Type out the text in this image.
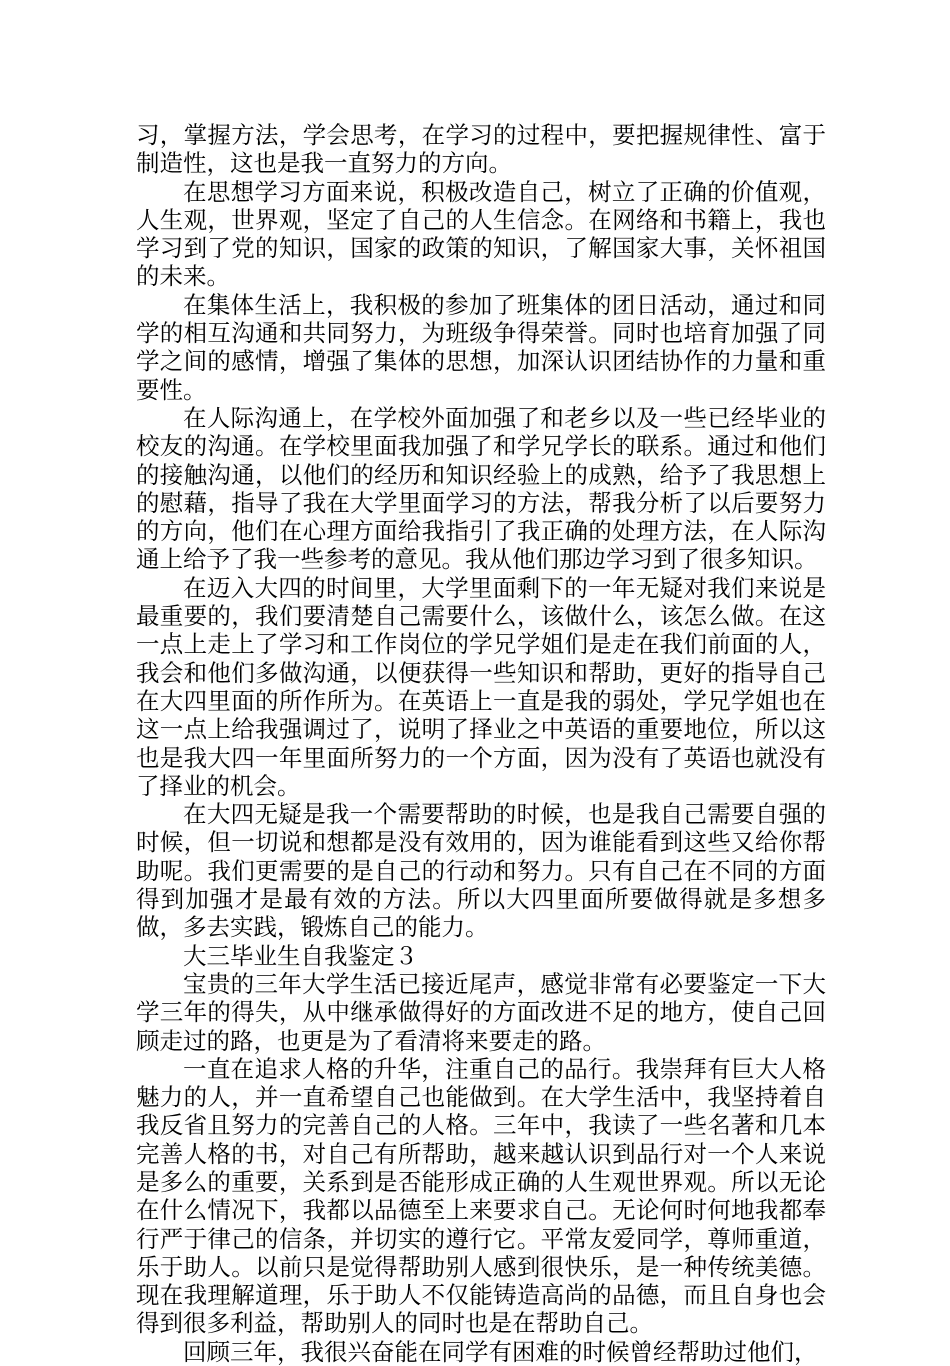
习，掌握方法，学会思考，在学习的过程中，要把握规律性、富于制造性，这也是我一直努力的方向。

在思想学习方面来说，积极改造自己，树立了正确的价值观，人生观，世界观，坚定了自己的人生信念。在网络和书籍上，我也学习到了党的知识，国家的政策的知识，了解国家大事，关怀祖国的未来。

在集体生活上，我积极的参加了班集体的团日活动，通过和同学的相互沟通和共同努力，为班级争得荣誉。同时也培育加强了同学之间的感情，增强了集体的思想，加深认识团结协作的力量和重要性。

在人际沟通上，在学校外面加强了和老乡以及一些已经毕业的校友的沟通。在学校里面我加强了和学兄学长的联系。通过和他们的接触沟通，以他们的经历和知识经验上的成熟，给予了我思想上的慰藉，指导了我在大学里面学习的方法，帮我分析了以后要努力的方向，他们在心理方面给我指引了我正确的处理方法，在人际沟通上给予了我一些参考的意见。我从他们那边学习到了很多知识。

在迈入大四的时间里，大学里面剩下的一年无疑对我们来说是最重要的，我们要清楚自己需要什么，该做什么，该怎么做。在这一点上走上了学习和工作岗位的学兄学姐们是走在我们前面的人，我会和他们多做沟通，以便获得一些知识和帮助，更好的指导自己在大四里面的所作所为。在英语上一直是我的弱处，学兄学姐也在这一点上给我强调过了，说明了择业之中英语的重要地位，所以这也是我大四一年里面所努力的一个方面，因为没有了英语也就没有了择业的机会。

在大四无疑是我一个需要帮助的时候，也是我自己需要自强的时候，但一切说和想都是没有效用的，因为谁能看到这些又给你帮助呢。我们更需要的是自己的行动和努力。只有自己在不同的方面得到加强才是最有效的方法。所以大四里面所要做得就是多想多做，多去实践，锻炼自己的能力。

大三毕业生自我鉴定３

宝贵的三年大学生活已接近尾声，感觉非常有必要鉴定一下大学三年的得失，从中继承做得好的方面改进不足的地方，使自己回顾走过的路，也更是为了看清将来要走的路。

一直在追求人格的升华，注重自己的品行。我崇拜有巨大人格魅力的人，并一直希望自己也能做到。在大学生活中，我坚持着自我反省且努力的完善自己的人格。三年中，我读了一些名著和几本完善人格的书，对自己有所帮助，越来越认识到品行对一个人来说是多么的重要，关系到是否能形成正确的人生观世界观。所以无论在什么情况下，我都以品德至上来要求自己。无论何时何地我都奉行严于律己的信条，并切实的遵行它。平常友爱同学，尊师重道，乐于助人。以前只是觉得帮助别人感到很快乐，是一种传统美德。现在我理解道理，乐于助人不仅能铸造高尚的品德，而且自身也会得到很多利益，帮助别人的同时也是在帮助自己。

回顾三年，我很兴奋能在同学有困难的时候曾经帮助过他们，
